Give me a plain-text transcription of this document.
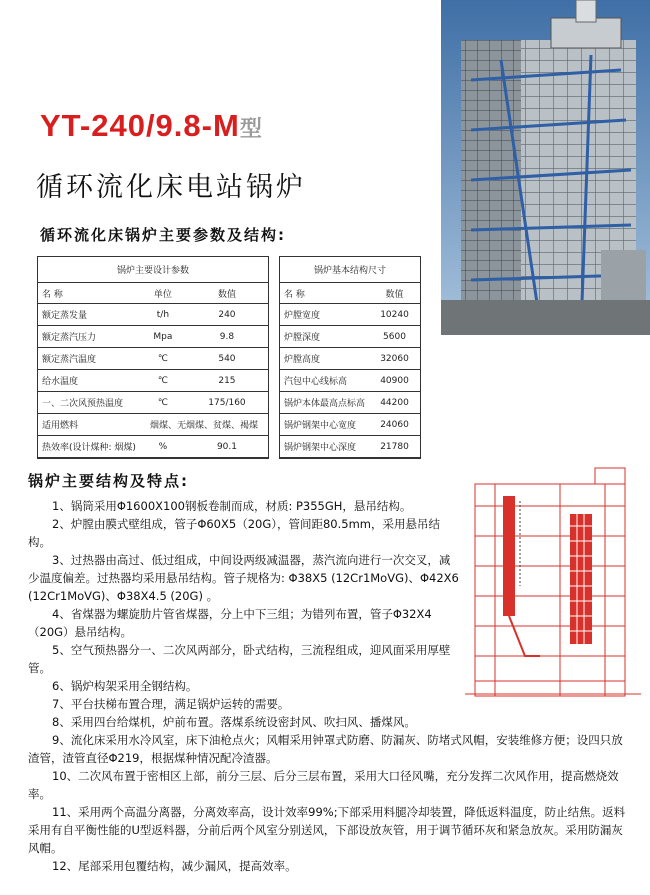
YT-240/9.8-M型
循环流化床电站锅炉
循环流化床锅炉主要参数及结构:
锅炉主要设计参数		
名 称	单位	数值
额定蒸发量	t/h	240
额定蒸汽压力	Mpa	9.8
额定蒸汽温度	℃	540
给水温度	℃	215
一、二次风预热温度	℃	175/160
适用燃料	烟煤、无烟煤、贫煤、褐煤	
热效率(设计煤种: 烟煤)	%	90.1
锅炉基本结构尺寸	
名 称	数值
炉膛宽度	10240
炉膛深度	5600
炉膛高度	32060
汽包中心线标高	40900
锅炉本体最高点标高	44200
锅炉钢架中心宽度	24060
锅炉钢架中心深度	21780
锅炉主要结构及特点:

1、锅筒采用Φ1600X100钢板卷制而成，材质: P355GH，悬吊结构。

2、炉膛由膜式壁组成，管子Φ60X5（20G），管间距80.5mm，采用悬吊结构。

3、过热器由高过、低过组成，中间设两级减温器，蒸汽流向进行一次交叉，减少温度偏差。过热器均采用悬吊结构。管子规格为: Φ38X5 (12Cr1MoVG)、Φ42X6 (12Cr1MoVG)、Φ38X4.5 (20G) 。

4、省煤器为螺旋肋片管省煤器，分上中下三组；为错列布置，管子Φ32X4（20G）悬吊结构。

5、空气预热器分一、二次风两部分，卧式结构，三流程组成，迎风面采用厚壁管。

6、锅炉构架采用全钢结构。

7、平台扶梯布置合理，满足锅炉运转的需要。

8、采用四台给煤机，炉前布置。落煤系统设密封风、吹扫风、播煤风。

9、流化床采用水冷风室，床下油枪点火；风帽采用钟罩式防磨、防漏灰、防堵式风帽，安装维修方便；设四只放渣管，渣管直径Φ219，根据煤种情况配冷渣器。

10、二次风布置于密相区上部，前分三层、后分三层布置，采用大口径风嘴，充分发挥二次风作用，提高燃烧效率。

11、采用两个高温分离器，分离效率高，设计效率99%;下部采用料腿冷却装置，降低返料温度，防止结焦。返料采用有自平衡性能的U型返料器，分前后两个风室分别送风，下部设放灰管，用于调节循环灰和紧急放灰。采用防漏灰风帽。

12、尾部采用包覆结构，减少漏风，提高效率。
